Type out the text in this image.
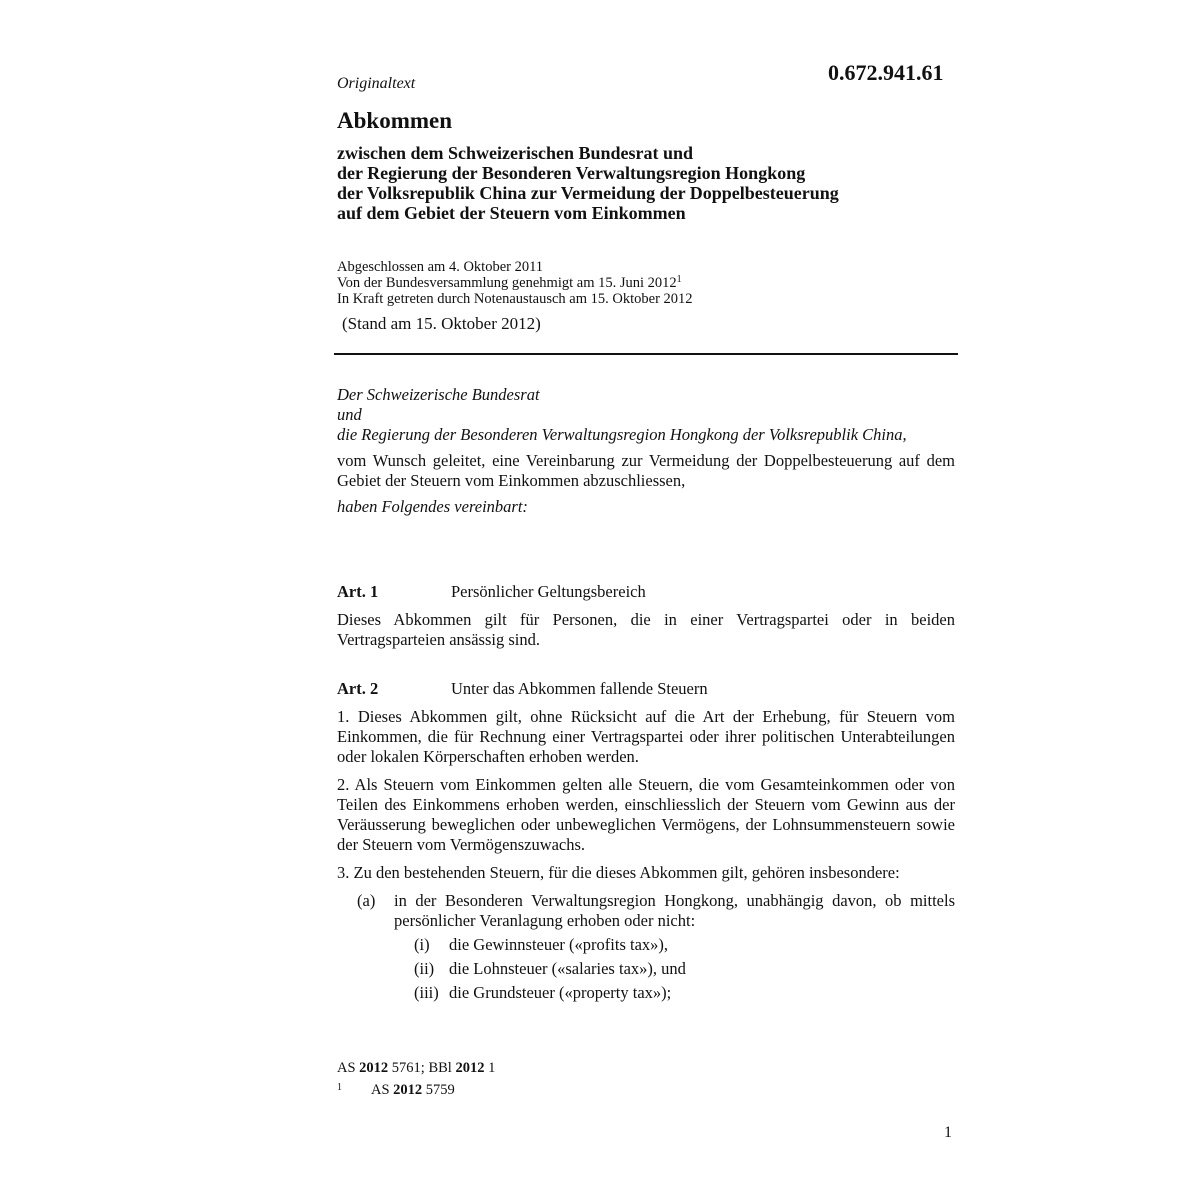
0.672.941.61
Originaltext
Abkommen
zwischen dem Schweizerischen Bundesrat und
der Regierung der Besonderen Verwaltungsregion Hongkong
der Volksrepublik China zur Vermeidung der Doppelbesteuerung
auf dem Gebiet der Steuern vom Einkommen
Abgeschlossen am 4. Oktober 2011
Von der Bundesversammlung genehmigt am 15. Juni 2012$^1$
In Kraft getreten durch Notenaustausch am 15. Oktober 2012
(Stand am 15. Oktober 2012)

Der Schweizerische Bundesrat

und

die Regierung der Besonderen Verwaltungsregion Hongkong der Volksrepublik China,

vom Wunsch geleitet, eine Vereinbarung zur Vermeidung der Doppelbesteuerung auf dem Gebiet der Steuern vom Einkommen abzuschliessen,

haben Folgendes vereinbart:

Art. 1	Persönlicher Geltungsbereich
Dieses Abkommen gilt für Personen, die in einer Vertragspartei oder in beiden Vertragsparteien ansässig sind.
Art. 2	Unter das Abkommen fallende Steuern

1. Dieses Abkommen gilt, ohne Rücksicht auf die Art der Erhebung, für Steuern vom Einkommen, die für Rechnung einer Vertragspartei oder ihrer politischen Unterabteilungen oder lokalen Körperschaften erhoben werden.

2. Als Steuern vom Einkommen gelten alle Steuern, die vom Gesamteinkommen oder von Teilen des Einkommens erhoben werden, einschliesslich der Steuern vom Gewinn aus der Veräusserung beweglichen oder unbeweglichen Vermögens, der Lohnsummensteuern sowie der Steuern vom Vermögenszuwachs.

3. Zu den bestehenden Steuern, für die dieses Abkommen gilt, gehören insbesondere:

(a) in der Besonderen Verwaltungsregion Hongkong, unabhängig davon, ob mittels persönlicher Veranlagung erhoben oder nicht:
(i) die Gewinnsteuer («profits tax»),
(ii) die Lohnsteuer («salaries tax»), und
(iii) die Grundsteuer («property tax»);
AS 2012 5761; BBl 2012 1
1 AS 2012 5759
1
